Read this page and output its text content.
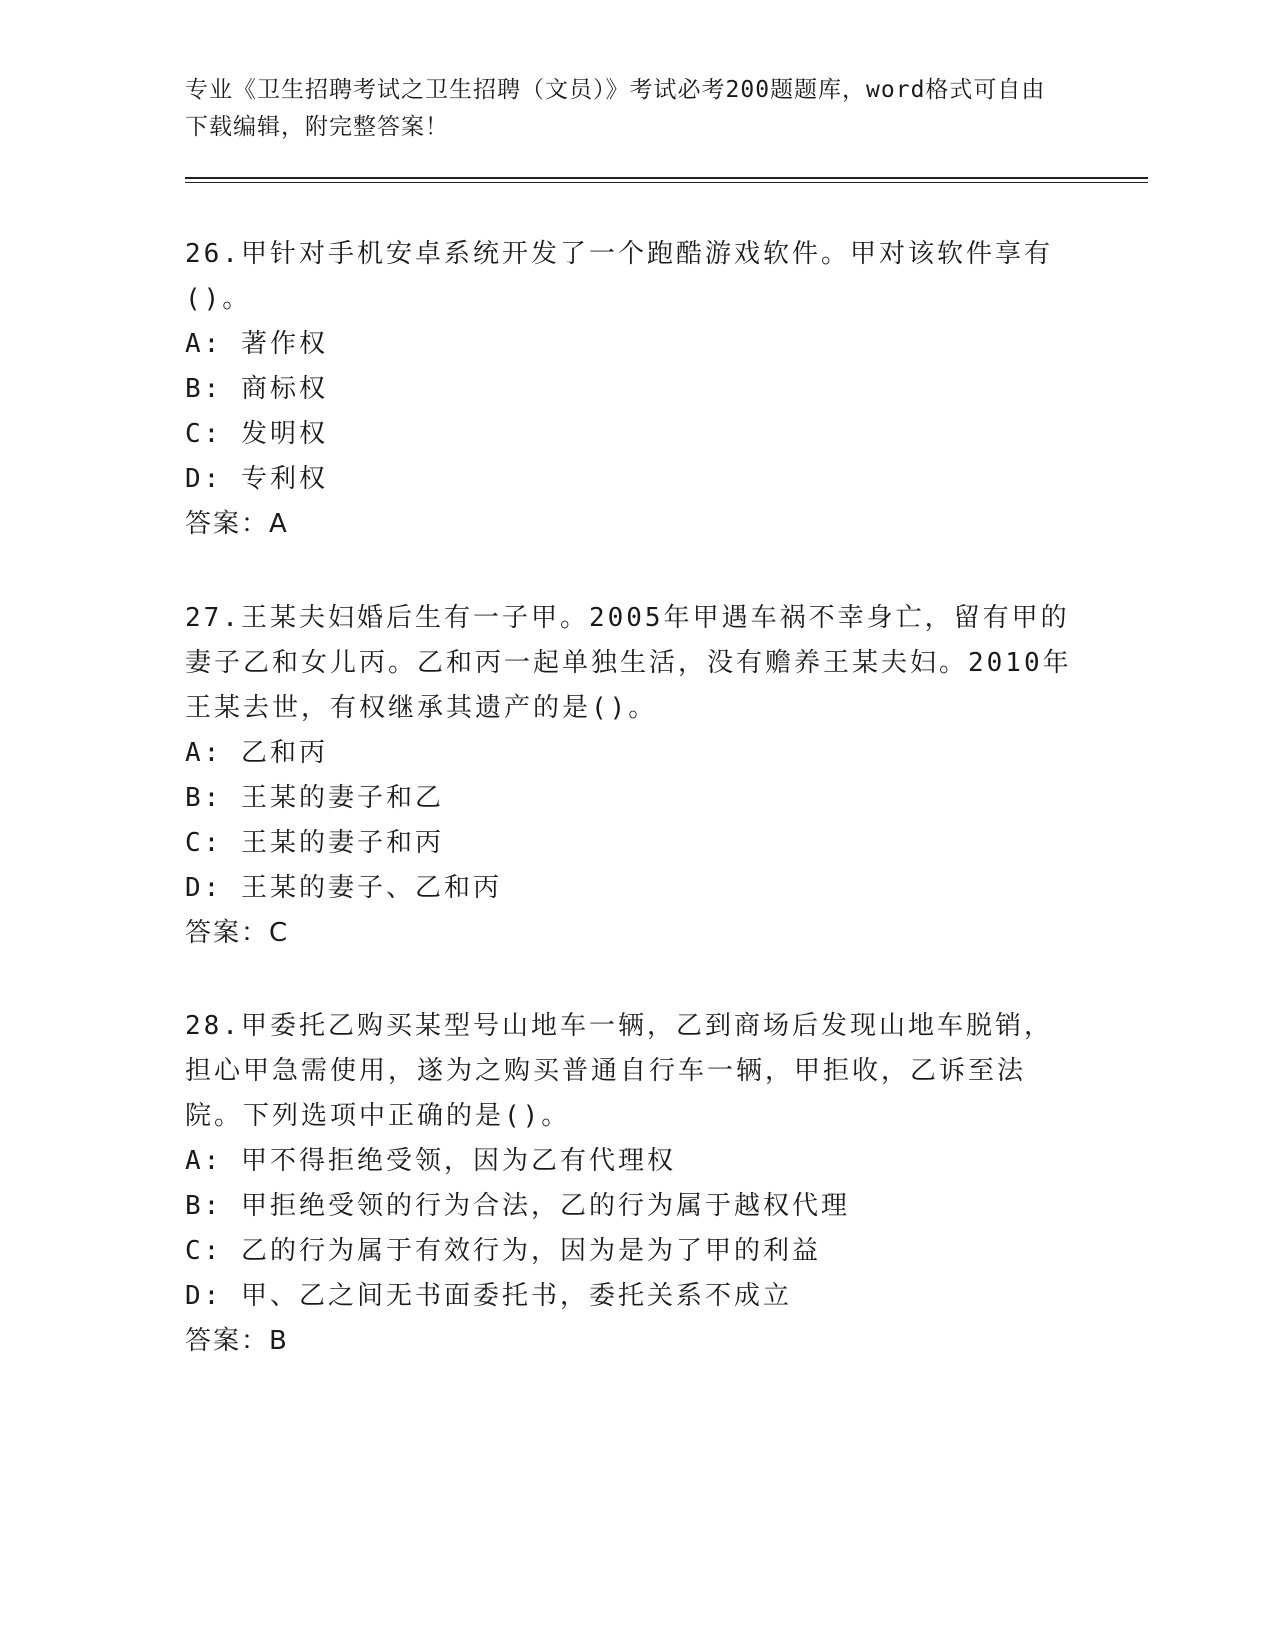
专业《卫生招聘考试之卫生招聘（文员）》考试必考200题题库，word格式可自由下载编辑，附完整答案！
26.甲针对手机安卓系统开发了一个跑酷游戏软件。甲对该软件享有()。
A: 著作权
B: 商标权
C: 发明权
D: 专利权
答案：A
27.王某夫妇婚后生有一子甲。2005年甲遇车祸不幸身亡，留有甲的妻子乙和女儿丙。乙和丙一起单独生活，没有赡养王某夫妇。2010年王某去世，有权继承其遗产的是()。
A: 乙和丙
B: 王某的妻子和乙
C: 王某的妻子和丙
D: 王某的妻子、乙和丙
答案：C
28.甲委托乙购买某型号山地车一辆，乙到商场后发现山地车脱销，担心甲急需使用，遂为之购买普通自行车一辆，甲拒收，乙诉至法院。下列选项中正确的是()。
A: 甲不得拒绝受领，因为乙有代理权
B: 甲拒绝受领的行为合法，乙的行为属于越权代理
C: 乙的行为属于有效行为，因为是为了甲的利益
D: 甲、乙之间无书面委托书，委托关系不成立
答案：B
